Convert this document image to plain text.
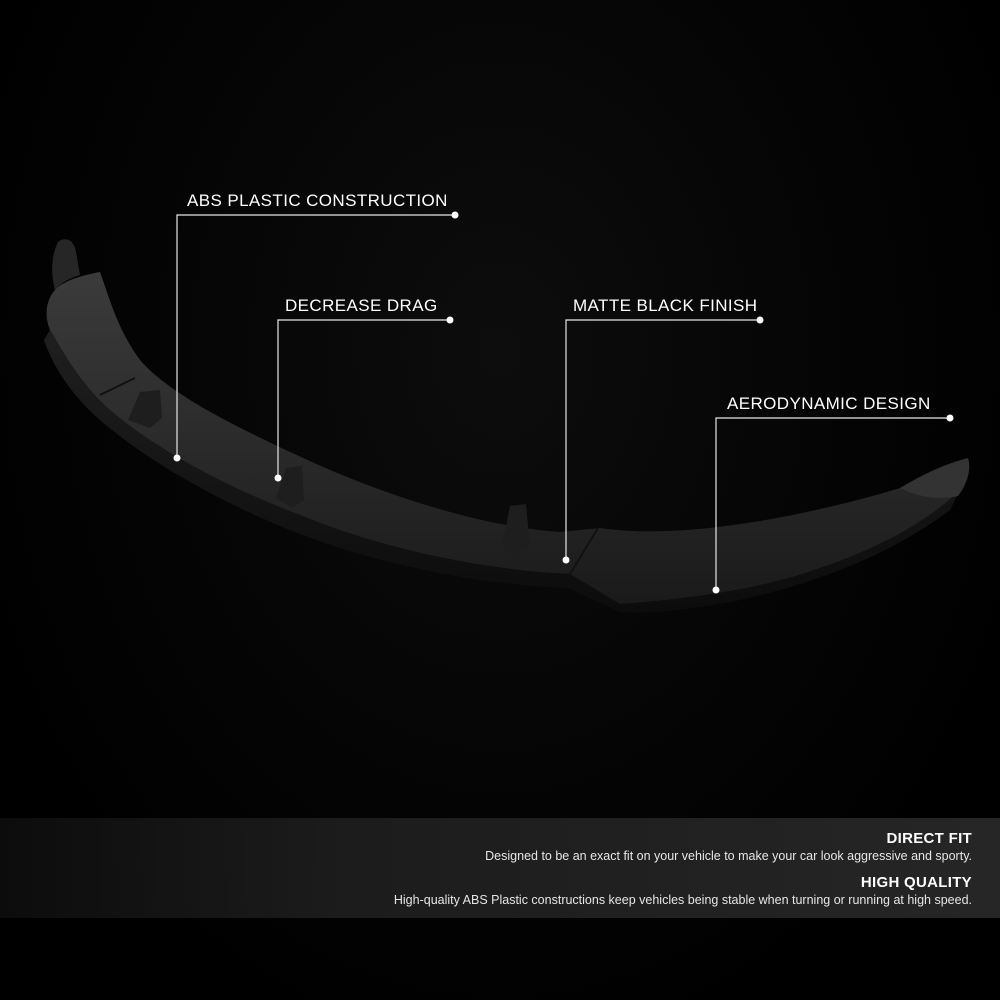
ABS PLASTIC CONSTRUCTION
DECREASE DRAG	MATTE BLACK FINISH
AERODYNAMIC DESIGN
DIRECT FIT
Designed to be an exact fit on your vehicle to make your car look aggressive and sporty.
HIGH QUALITY
High-quality ABS Plastic constructions keep vehicles being stable when turning or running at high speed.
